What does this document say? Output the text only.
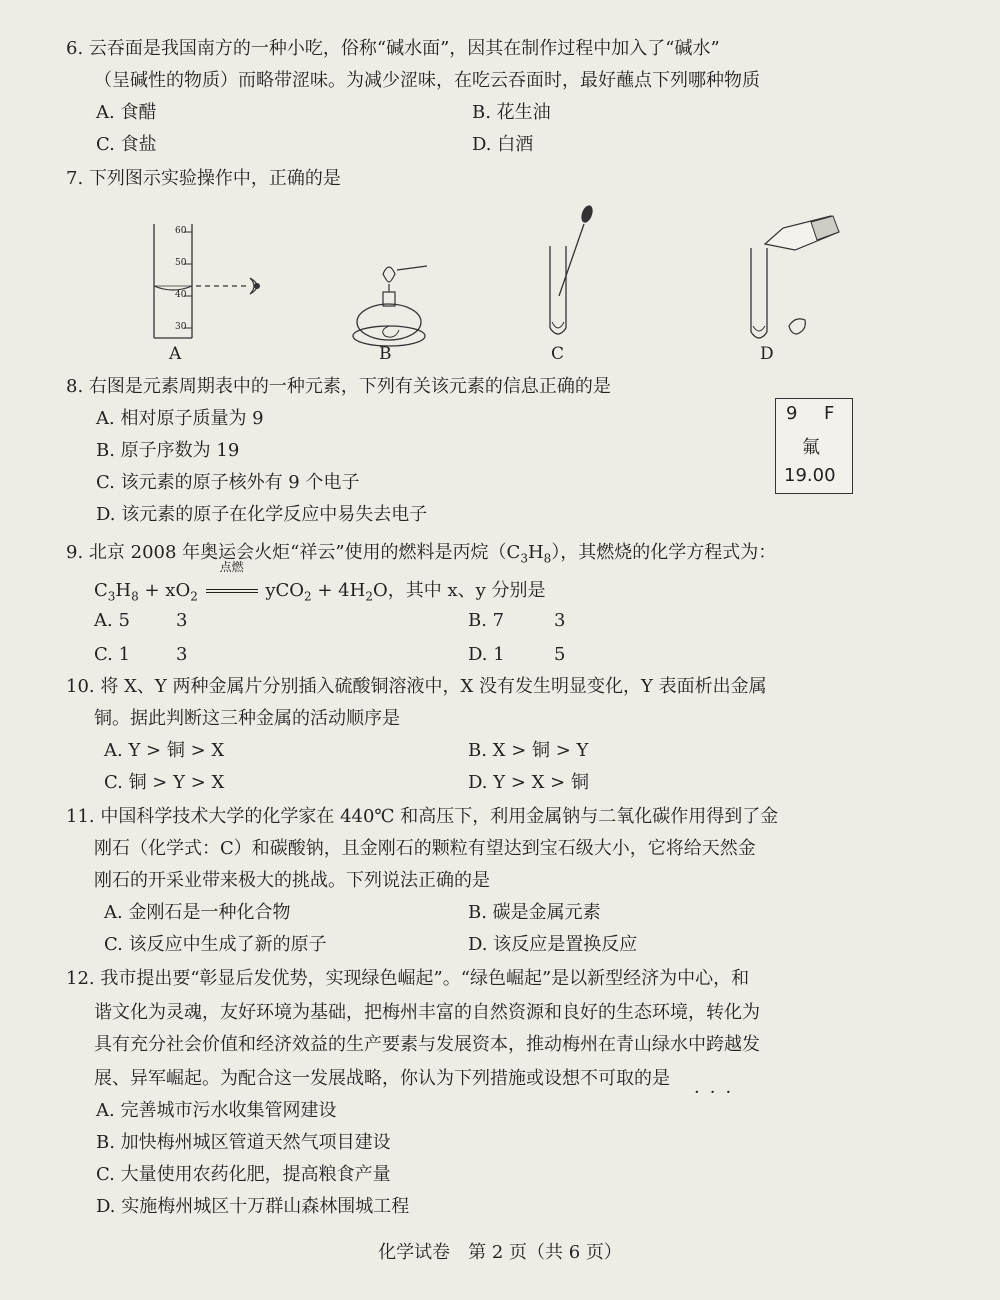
6. 云吞面是我国南方的一种小吃，俗称“碱水面”，因其在制作过程中加入了“碱水”
（呈碱性的物质）而略带涩味。为减少涩味，在吃云吞面时，最好蘸点下列哪种物质
A. 食醋	B. 花生油
C. 食盐	D. 白酒
7. 下列图示实验操作中，正确的是
60
50
40
30
A	B	C	D
8. 右图是元素周期表中的一种元素，下列有关该元素的信息正确的是
A. 相对原子质量为 9
B. 原子序数为 19
C. 该元素的原子核外有 9 个电子
D. 该元素的原子在化学反应中易失去电子
9 F
氟
19.00
9. 北京 2008 年奥运会火炬“祥云”使用的燃料是丙烷$(C_3H_8)$，其燃烧的化学方程式为：
$C_3H_8 + xO_2$
点燃
$yCO_2 + 4H_2O$，其中 x、y 分别是
A. 5	3	B. 7	3
C. 1	3	D. 1	5
10. 将 X、Y 两种金属片分别插入硫酸铜溶液中，X 没有发生明显变化，Y 表面析出金属
铜。据此判断这三种金属的活动顺序是
A. Y > 铜 > X	B. X > 铜 > Y
C. 铜 > Y > X	D. Y > X > 铜
11. 中国科学技术大学的化学家在 440℃ 和高压下，利用金属钠与二氧化碳作用得到了金
刚石（化学式：C）和碳酸钠，且金刚石的颗粒有望达到宝石级大小，它将给天然金
刚石的开采业带来极大的挑战。下列说法正确的是
A. 金刚石是一种化合物	B. 碳是金属元素
C. 该反应中生成了新的原子	D. 该反应是置换反应
12. 我市提出要“彰显后发优势，实现绿色崛起”。“绿色崛起”是以新型经济为中心，和
谐文化为灵魂，友好环境为基础，把梅州丰富的自然资源和良好的生态环境，转化为
具有充分社会价值和经济效益的生产要素与发展资本，推动梅州在青山绿水中跨越发
展、异军崛起。为配合这一发展战略，你认为下列措施或设想不可取的是
···
A. 完善城市污水收集管网建设
B. 加快梅州城区管道天然气项目建设
C. 大量使用农药化肥，提高粮食产量
D. 实施梅州城区十万群山森林围城工程
化学试卷　第 2 页（共 6 页）
